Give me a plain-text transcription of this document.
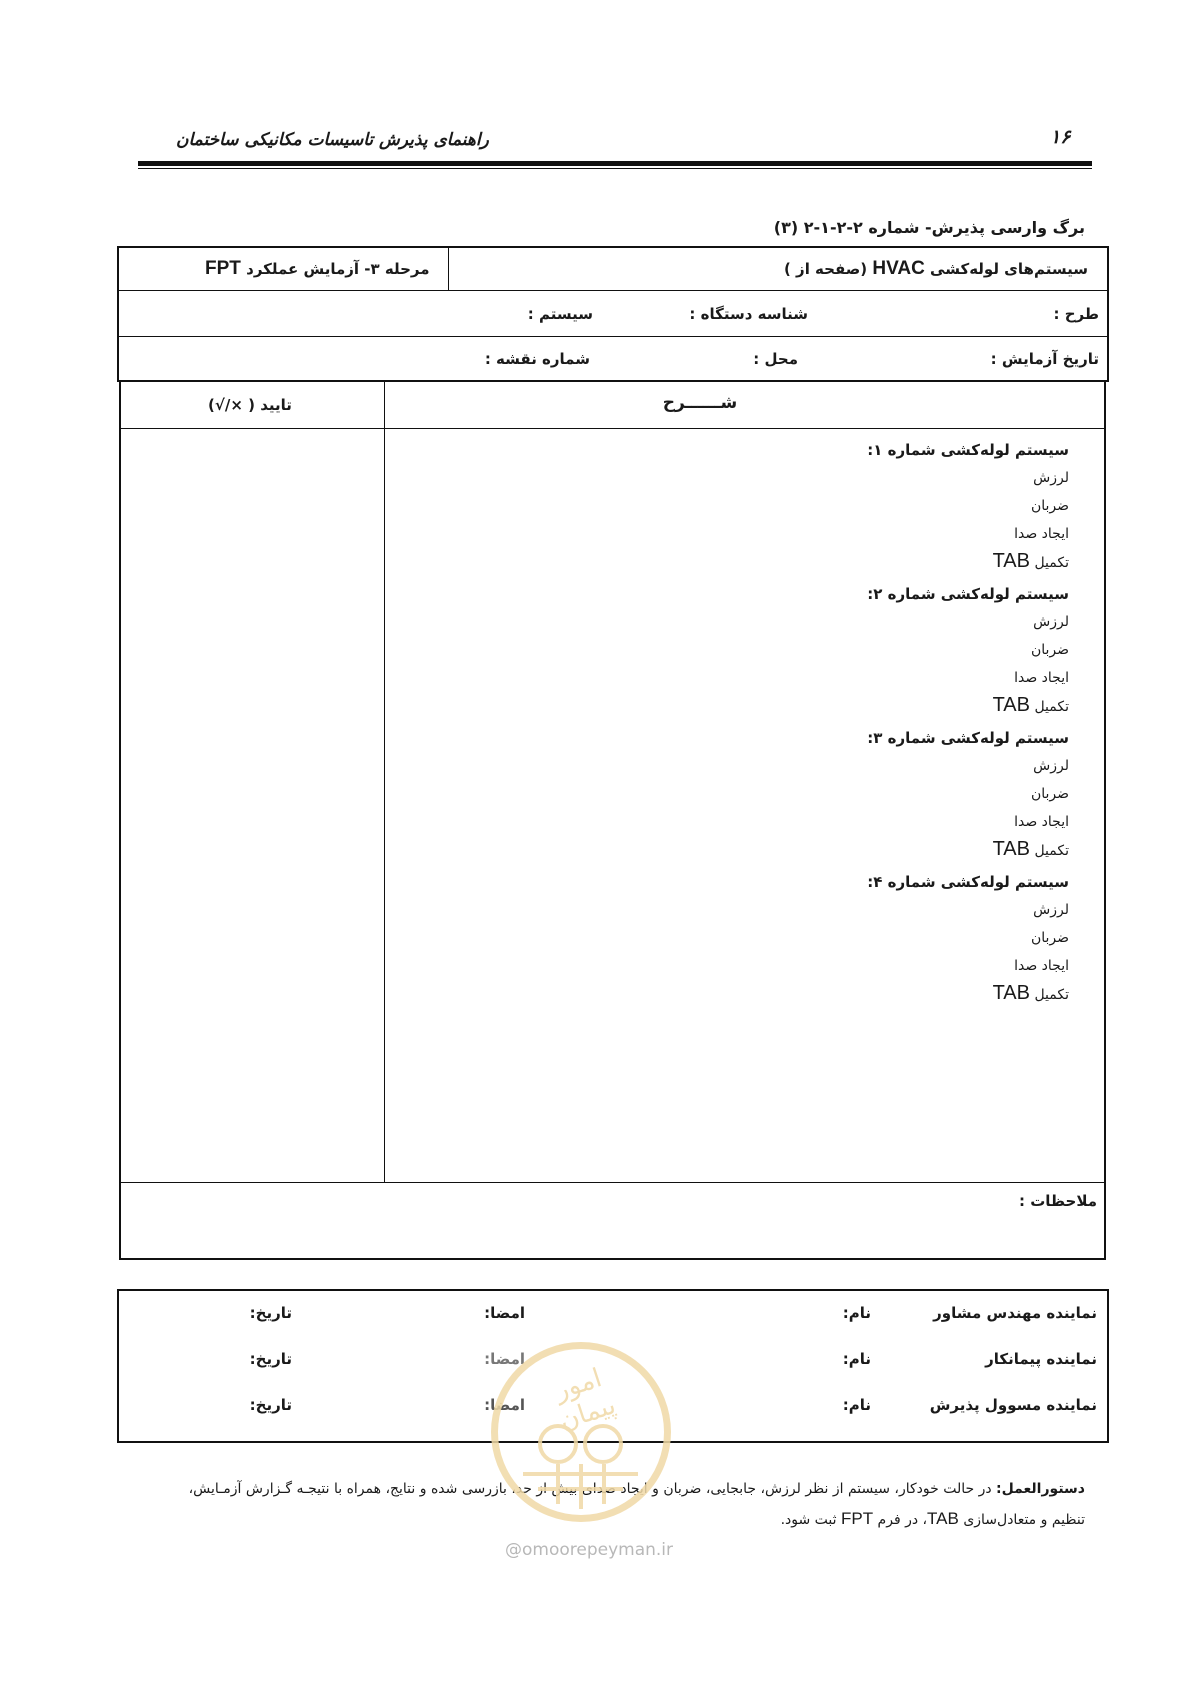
۱۶
راهنمای پذیرش تاسیسات مکانیکی ساختمان
برگ وارسی پذیرش- شماره ۲-۲-۱-۲ (۳)
سیستم‌های لوله‌کشی HVAC (صفحه از )
مرحله ۳- آزمایش عملکرد FPT
طرح :
شناسه دستگاه :
سیستم :
تاریخ آزمایش :
محل :
شماره نقشه :
شــــــرح
تایید ( ×/√)
سیستم لوله‌کشی شماره ۱:
لرزش
ضربان
ایجاد صدا
تکمیل TAB
سیستم لوله‌کشی شماره ۲:
لرزش
ضربان
ایجاد صدا
تکمیل TAB
سیستم لوله‌کشی شماره ۳:
لرزش
ضربان
ایجاد صدا
تکمیل TAB
سیستم لوله‌کشی شماره ۴:
لرزش
ضربان
ایجاد صدا
تکمیل TAB
ملاحظات :
نماینده مهندس مشاور
نام:
امضا:
تاریخ:
نماینده پیمانکار
نام:
امضا:
تاریخ:
نماینده مسوول پذیرش
نام:
امضا:
تاریخ:
دستورالعمل: در حالت خودکار، سیستم از نظر لرزش، جابجایی، ضربان و ایجاد صدای بیش از حد، بازرسی شده و نتایج، همراه با نتیجـه گـزارش آزمـایش،
تنظیم و متعادل‌سازی TAB، در فرم FPT ثبت شود.
امور پیمان
@omoorepeyman.ir
